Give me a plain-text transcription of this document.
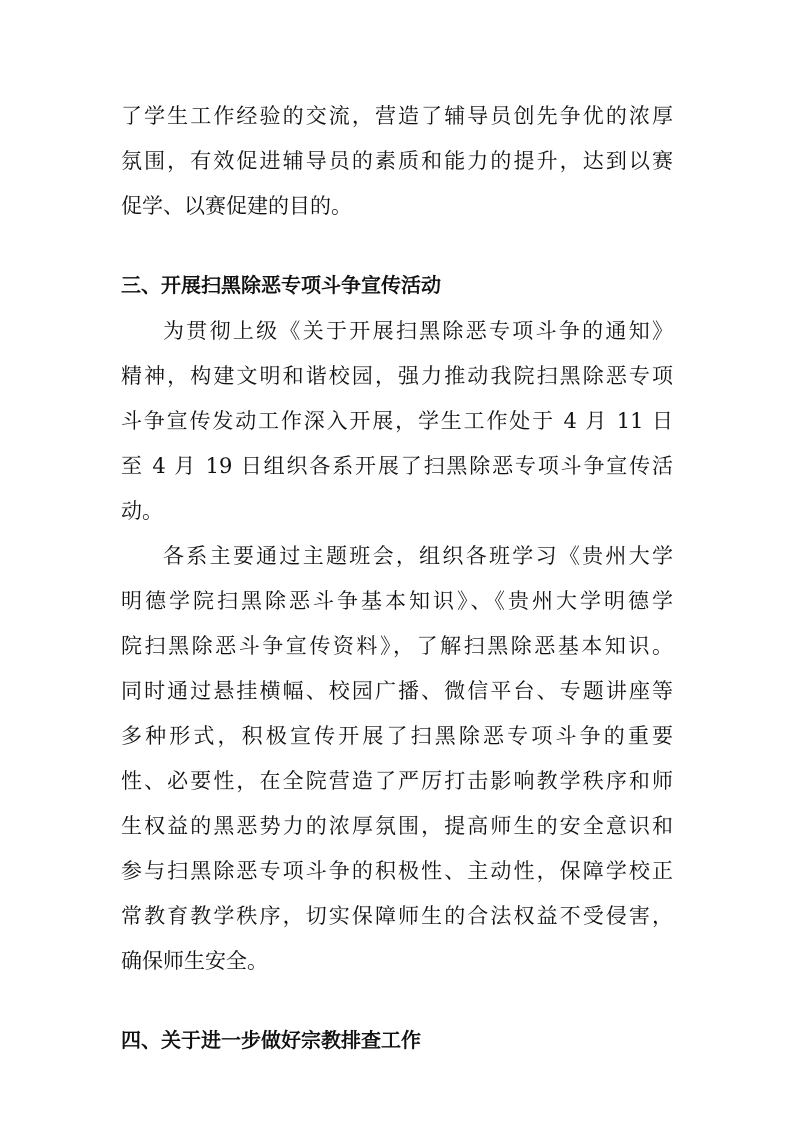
了学生工作经验的交流，营造了辅导员创先争优的浓厚
氛围，有效促进辅导员的素质和能力的提升，达到以赛
促学、以赛促建的目的。
三、开展扫黑除恶专项斗争宣传活动
为贯彻上级《关于开展扫黑除恶专项斗争的通知》
精神，构建文明和谐校园，强力推动我院扫黑除恶专项
斗争宣传发动工作深入开展，学生工作处于 4 月 11 日
至 4 月 19 日组织各系开展了扫黑除恶专项斗争宣传活
动。
各系主要通过主题班会，组织各班学习《贵州大学
明德学院扫黑除恶斗争基本知识》、《贵州大学明德学
院扫黑除恶斗争宣传资料》，了解扫黑除恶基本知识。
同时通过悬挂横幅、校园广播、微信平台、专题讲座等
多种形式，积极宣传开展了扫黑除恶专项斗争的重要
性、必要性，在全院营造了严厉打击影响教学秩序和师
生权益的黑恶势力的浓厚氛围，提高师生的安全意识和
参与扫黑除恶专项斗争的积极性、主动性，保障学校正
常教育教学秩序，切实保障师生的合法权益不受侵害，
确保师生安全。
四、关于进一步做好宗教排查工作
